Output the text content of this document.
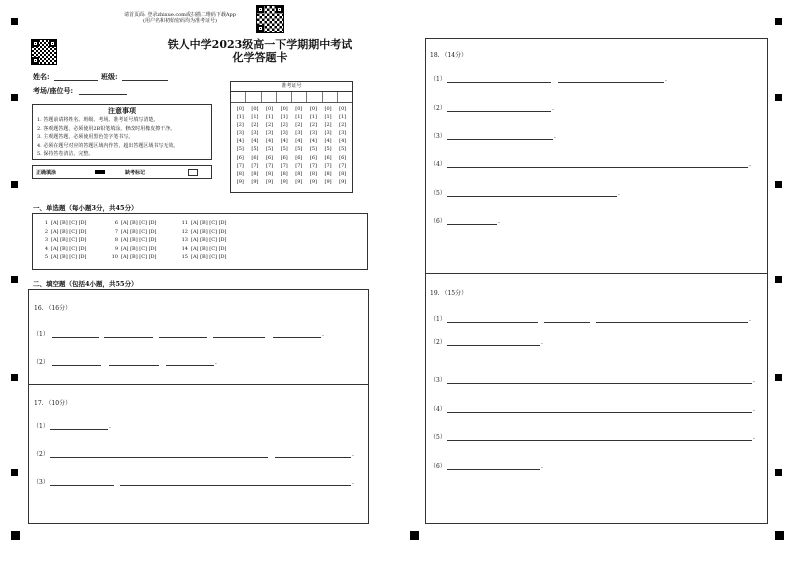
请首页面: 登录zhixue.com或扫描二维码下载App
(用户名和初始密码均为准考证号)
铁人中学2023级高一下学期期中考试
化学答题卡
姓名:	班级:
考场/座位号:
注意事项
1. 答题前请将姓名、班级、考场、准考证号填写清楚。
2. 客观题答题，必须使用2B铅笔填涂，修改时用橡皮擦干净。
3. 主观题答题，必须使用黑色签字笔书写。
4. 必须在题号对应的答题区域内作答，超出答题区域书写无效。
5. 保持答卷清洁、完整。
正确填涂	缺考标记
准考证号
[0]
[1]
[2]
[3]
[4]
[5]
[6]
[7]
[8]
[9]
[0]
[1]
[2]
[3]
[4]
[5]
[6]
[7]
[8]
[9]
[0]
[1]
[2]
[3]
[4]
[5]
[6]
[7]
[8]
[9]
[0]
[1]
[2]
[3]
[4]
[5]
[6]
[7]
[8]
[9]
[0]
[1]
[2]
[3]
[4]
[5]
[6]
[7]
[8]
[9]
[0]
[1]
[2]
[3]
[4]
[5]
[6]
[7]
[8]
[9]
[0]
[1]
[2]
[3]
[4]
[5]
[6]
[7]
[8]
[9]
[0]
[1]
[2]
[3]
[4]
[5]
[6]
[7]
[8]
[9]
一、单选题（每小题3分，共45分）
1 [A] [B] [C] [D]
2 [A] [B] [C] [D]
3 [A] [B] [C] [D]
4 [A] [B] [C] [D]
5 [A] [B] [C] [D]
6 [A] [B] [C] [D]
7 [A] [B] [C] [D]
8 [A] [B] [C] [D]
9 [A] [B] [C] [D]
10 [A] [B] [C] [D]
11 [A] [B] [C] [D]
12 [A] [B] [C] [D]
13 [A] [B] [C] [D]
14 [A] [B] [C] [D]
15 [A] [B] [C] [D]
二、填空题（包括4小题，共55分）
16. （16分）
（1）
（2）
.
.
17. （10分）
（1）
（2）
（3）
.
.
.
18. （14分）
（1）
（2）
（3）
（4）
（5）
（6）
.
.
.
.
.
.
19. （15分）
（1）
（2）
（3）
（4）
（5）
（6）
.
.
.
.
.
.
